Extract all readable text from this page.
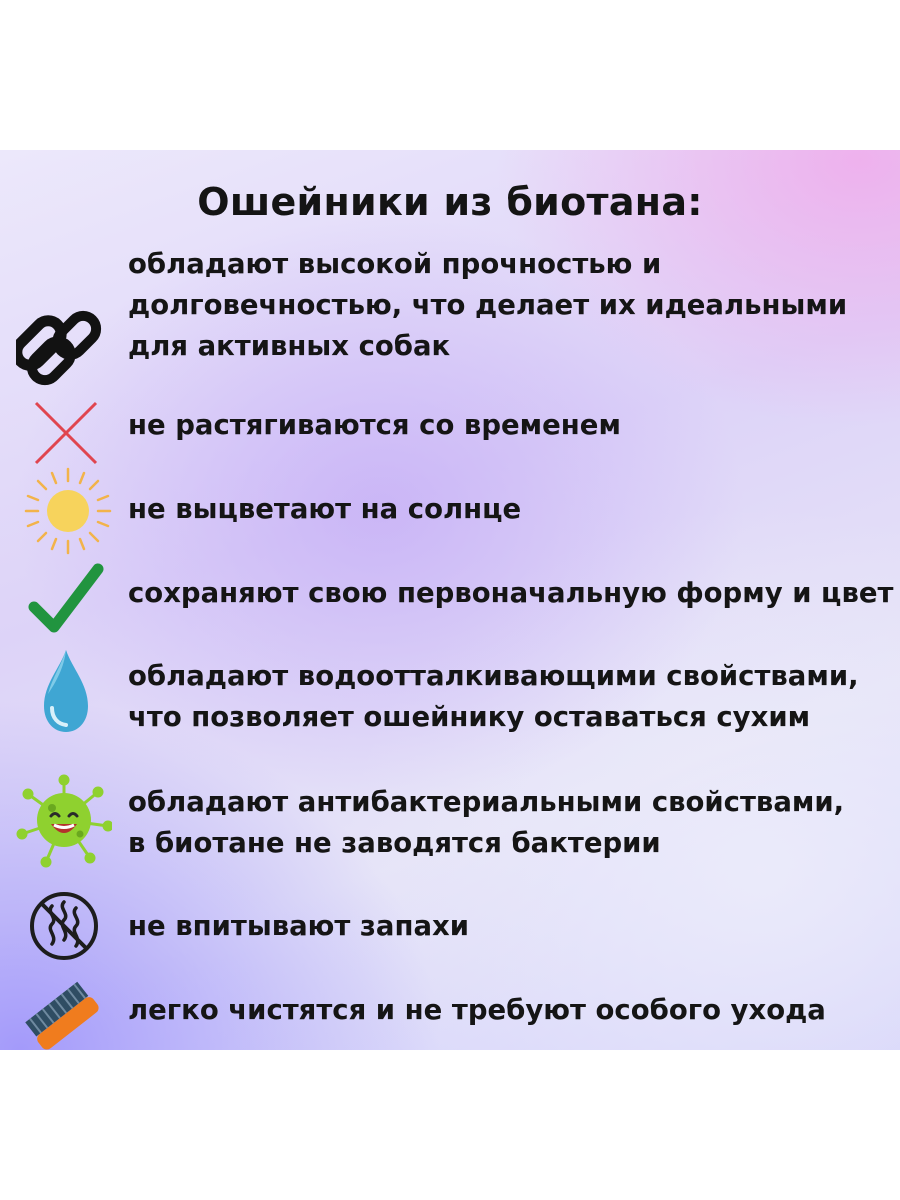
Ошейники из биотана:
обладают высокой прочностью и
долговечностью, что делает их идеальными
для активных собак
не растягиваются со временем
не выцветают на солнце
сохраняют свою первоначальную форму и цвет
обладают водоотталкивающими свойствами,
что позволяет ошейнику оставаться сухим
обладают антибактериальными свойствами,
в биотане не заводятся бактерии
не впитывают запахи
легко чистятся и не требуют особого ухода
